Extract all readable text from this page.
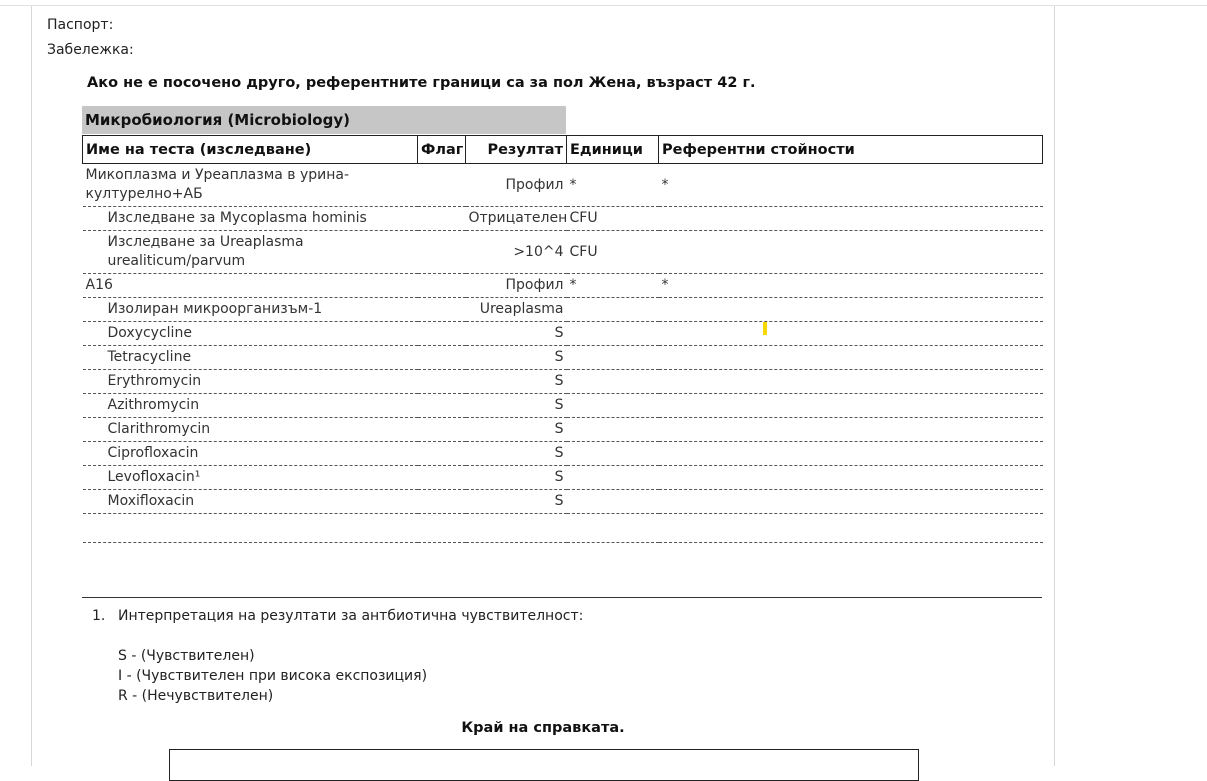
Паспорт:
Забележка:
Ако не е посочено друго, референтните граници са за пол Жена, възраст 42 г.
Микробиология (Microbiology)
Име на теста (изследване)	Флаг	Резултат	Единици	Референтни стойности
Микоплазма и Уреаплазма в урина-културелно+АБ		Профил	*	*
Изследване за Mycoplasma hominis		Отрицателен	CFU	
Изследване за Ureaplasma urealiticum/parvum		>10^4	CFU	
A16		Профил	*	*
Изолиран микроорганизъм-1		Ureaplasma		
Doxycycline		S		
Tetracycline		S		
Erythromycin		S		
Azithromycin		S		
Clarithromycin		S		
Ciprofloxacin		S		
Levofloxacin¹		S		
Moxifloxacin		S		

1. Интерпретация на резултати за антбиотична чувствителност:
S - (Чувствителен)
I - (Чувствителен при висока експозиция)
R - (Нечувствителен)
Край на справката.
